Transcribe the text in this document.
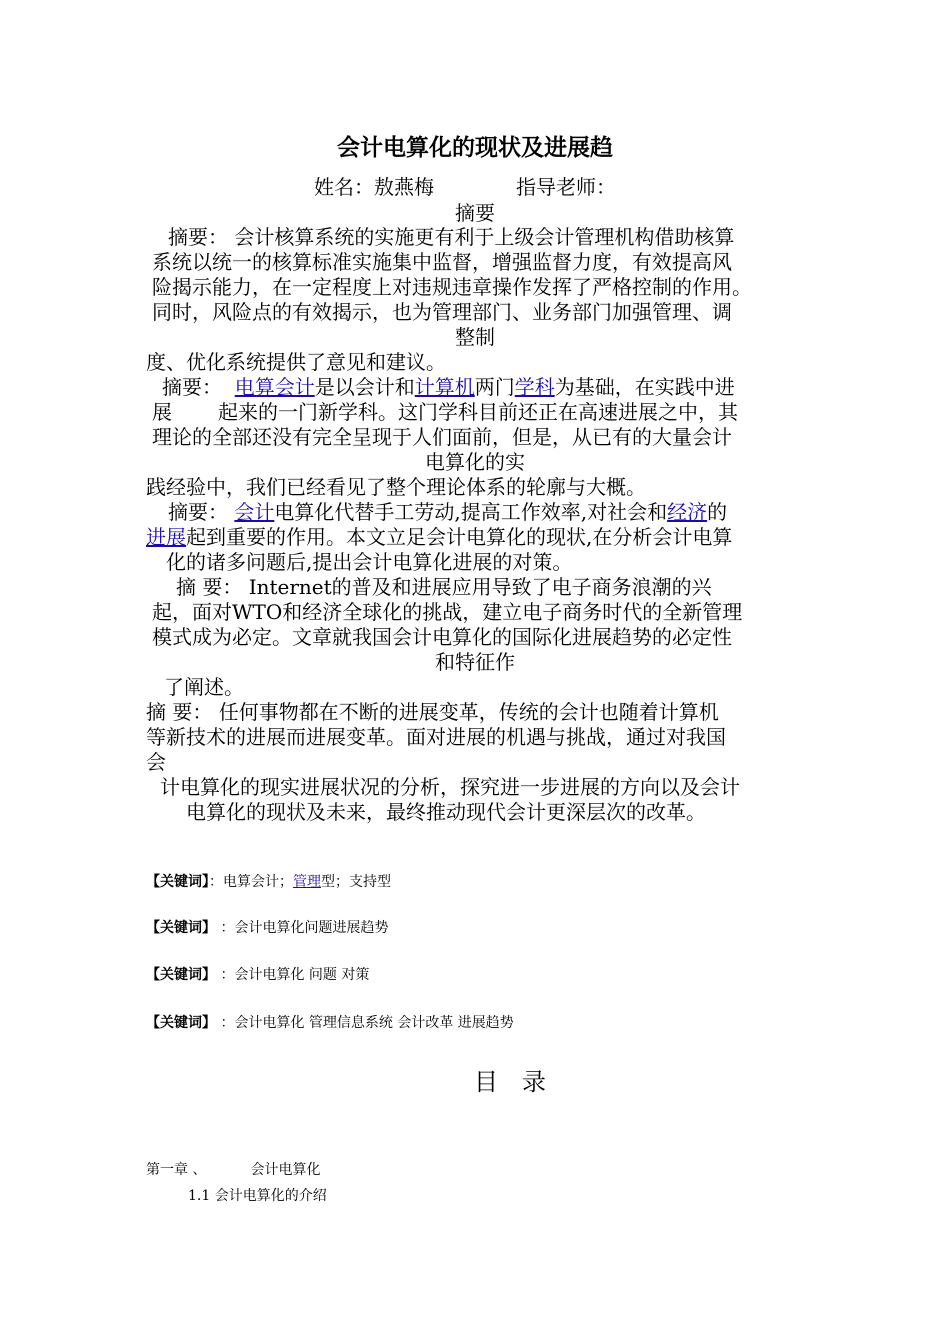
会计电算化的现状及进展趋
姓名：敖燕梅	指导老师：
摘要
摘要： 会计核算系统的实施更有利于上级会计管理机构借助核算
系统以统一的核算标准实施集中监督，增强监督力度，有效提高风
险揭示能力，在一定程度上对违规违章操作发挥了严格控制的作用。
同时，风险点的有效揭示，也为管理部门、业务部门加强管理、调
整制
度、优化系统提供了意见和建议。
摘要： 电算会计是以会计和计算机两门学科为基础，在实践中进
展 起来的一门新学科。这门学科目前还正在高速进展之中，其
理论的全部还没有完全呈现于人们面前，但是，从已有的大量会计
电算化的实
践经验中，我们已经看见了整个理论体系的轮廓与大概。
摘要： 会计电算化代替手工劳动,提高工作效率,对社会和经济的
进展起到重要的作用。本文立足会计电算化的现状,在分析会计电算
化的诸多问题后,提出会计电算化进展的对策。
摘 要： Internet的普及和进展应用导致了电子商务浪潮的兴
起，面对WTO和经济全球化的挑战，建立电子商务时代的全新管理
模式成为必定。文章就我国会计电算化的国际化进展趋势的必定性
和特征作
了阐述。
摘 要： 任何事物都在不断的进展变革，传统的会计也随着计算机
等新技术的进展而进展变革。面对进展的机遇与挑战，通过对我国
会
计电算化的现实进展状况的分析，探究进一步进展的方向以及会计
电算化的现状及未来，最终推动现代会计更深层次的改革。
【关键词】：电算会计；管理型；支持型
【关键词】 ：会计电算化问题进展趋势
【关键词】 ：会计电算化 问题 对策
【关键词】 ：会计电算化 管理信息系统 会计改革 进展趋势
目录
第一章 、	会计电算化
1.1 会计电算化的介绍
